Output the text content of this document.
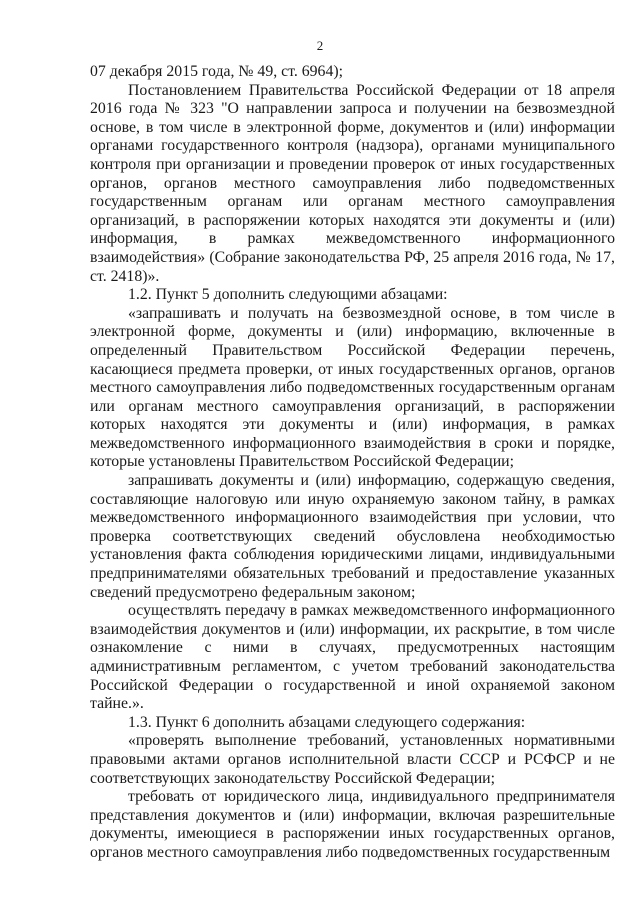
2

07 декабря 2015 года, № 49, ст. 6964);

Постановлением Правительства Российской Федерации от 18 апреля 2016 года № 323 "О направлении запроса и получении на безвозмездной основе, в том числе в электронной форме, документов и (или) информации органами государственного контроля (надзора), органами муниципального контроля при организации и проведении проверок от иных государственных органов, органов местного самоуправления либо подведомственных государственным органам или органам местного самоуправления организаций, в распоряжении которых находятся эти документы и (или) информация, в рамках межведомственного информационного взаимодействия» (Собрание законодательства РФ, 25 апреля 2016 года, № 17, ст. 2418)».

1.2. Пункт 5 дополнить следующими абзацами:

«запрашивать и получать на безвозмездной основе, в том числе в электронной форме, документы и (или) информацию, включенные в определенный Правительством Российской Федерации перечень, касающиеся предмета проверки, от иных государственных органов, органов местного самоуправления либо подведомственных государственным органам или органам местного самоуправления организаций, в распоряжении которых находятся эти документы и (или) информация, в рамках межведомственного информационного взаимодействия в сроки и порядке, которые установлены Правительством Российской Федерации;

запрашивать документы и (или) информацию, содержащую сведения, составляющие налоговую или иную охраняемую законом тайну, в рамках межведомственного информационного взаимодействия при условии, что проверка соответствующих сведений обусловлена необходимостью установления факта соблюдения юридическими лицами, индивидуальными предпринимателями обязательных требований и предоставление указанных сведений предусмотрено федеральным законом;

осуществлять передачу в рамках межведомственного информационного взаимодействия документов и (или) информации, их раскрытие, в том числе ознакомление с ними в случаях, предусмотренных настоящим административным регламентом, с учетом требований законодательства Российской Федерации о государственной и иной охраняемой законом тайне.».

1.3. Пункт 6 дополнить абзацами следующего содержания:

«проверять выполнение требований, установленных нормативными правовыми актами органов исполнительной власти СССР и РСФСР и не соответствующих законодательству Российской Федерации;

требовать от юридического лица, индивидуального предпринимателя представления документов и (или) информации, включая разрешительные документы, имеющиеся в распоряжении иных государственных органов, органов местного самоуправления либо подведомственных государственным
